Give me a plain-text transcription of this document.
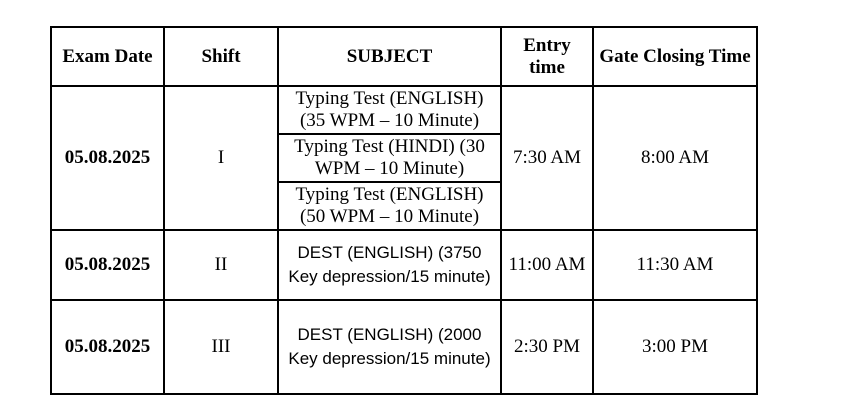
Exam Date	Shift	SUBJECT	Entry time	Gate Closing Time
05.08.2025	I	Typing Test (ENGLISH) (35 WPM – 10 Minute)	7:30 AM	8:00 AM
		Typing Test (HINDI) (30 WPM – 10 Minute)		
		Typing Test (ENGLISH) (50 WPM – 10 Minute)		
05.08.2025	II	DEST (ENGLISH) (3750 Key depression/15 minute)	11:00 AM	11:30 AM
05.08.2025	III	DEST (ENGLISH) (2000 Key depression/15 minute)	2:30 PM	3:00 PM
